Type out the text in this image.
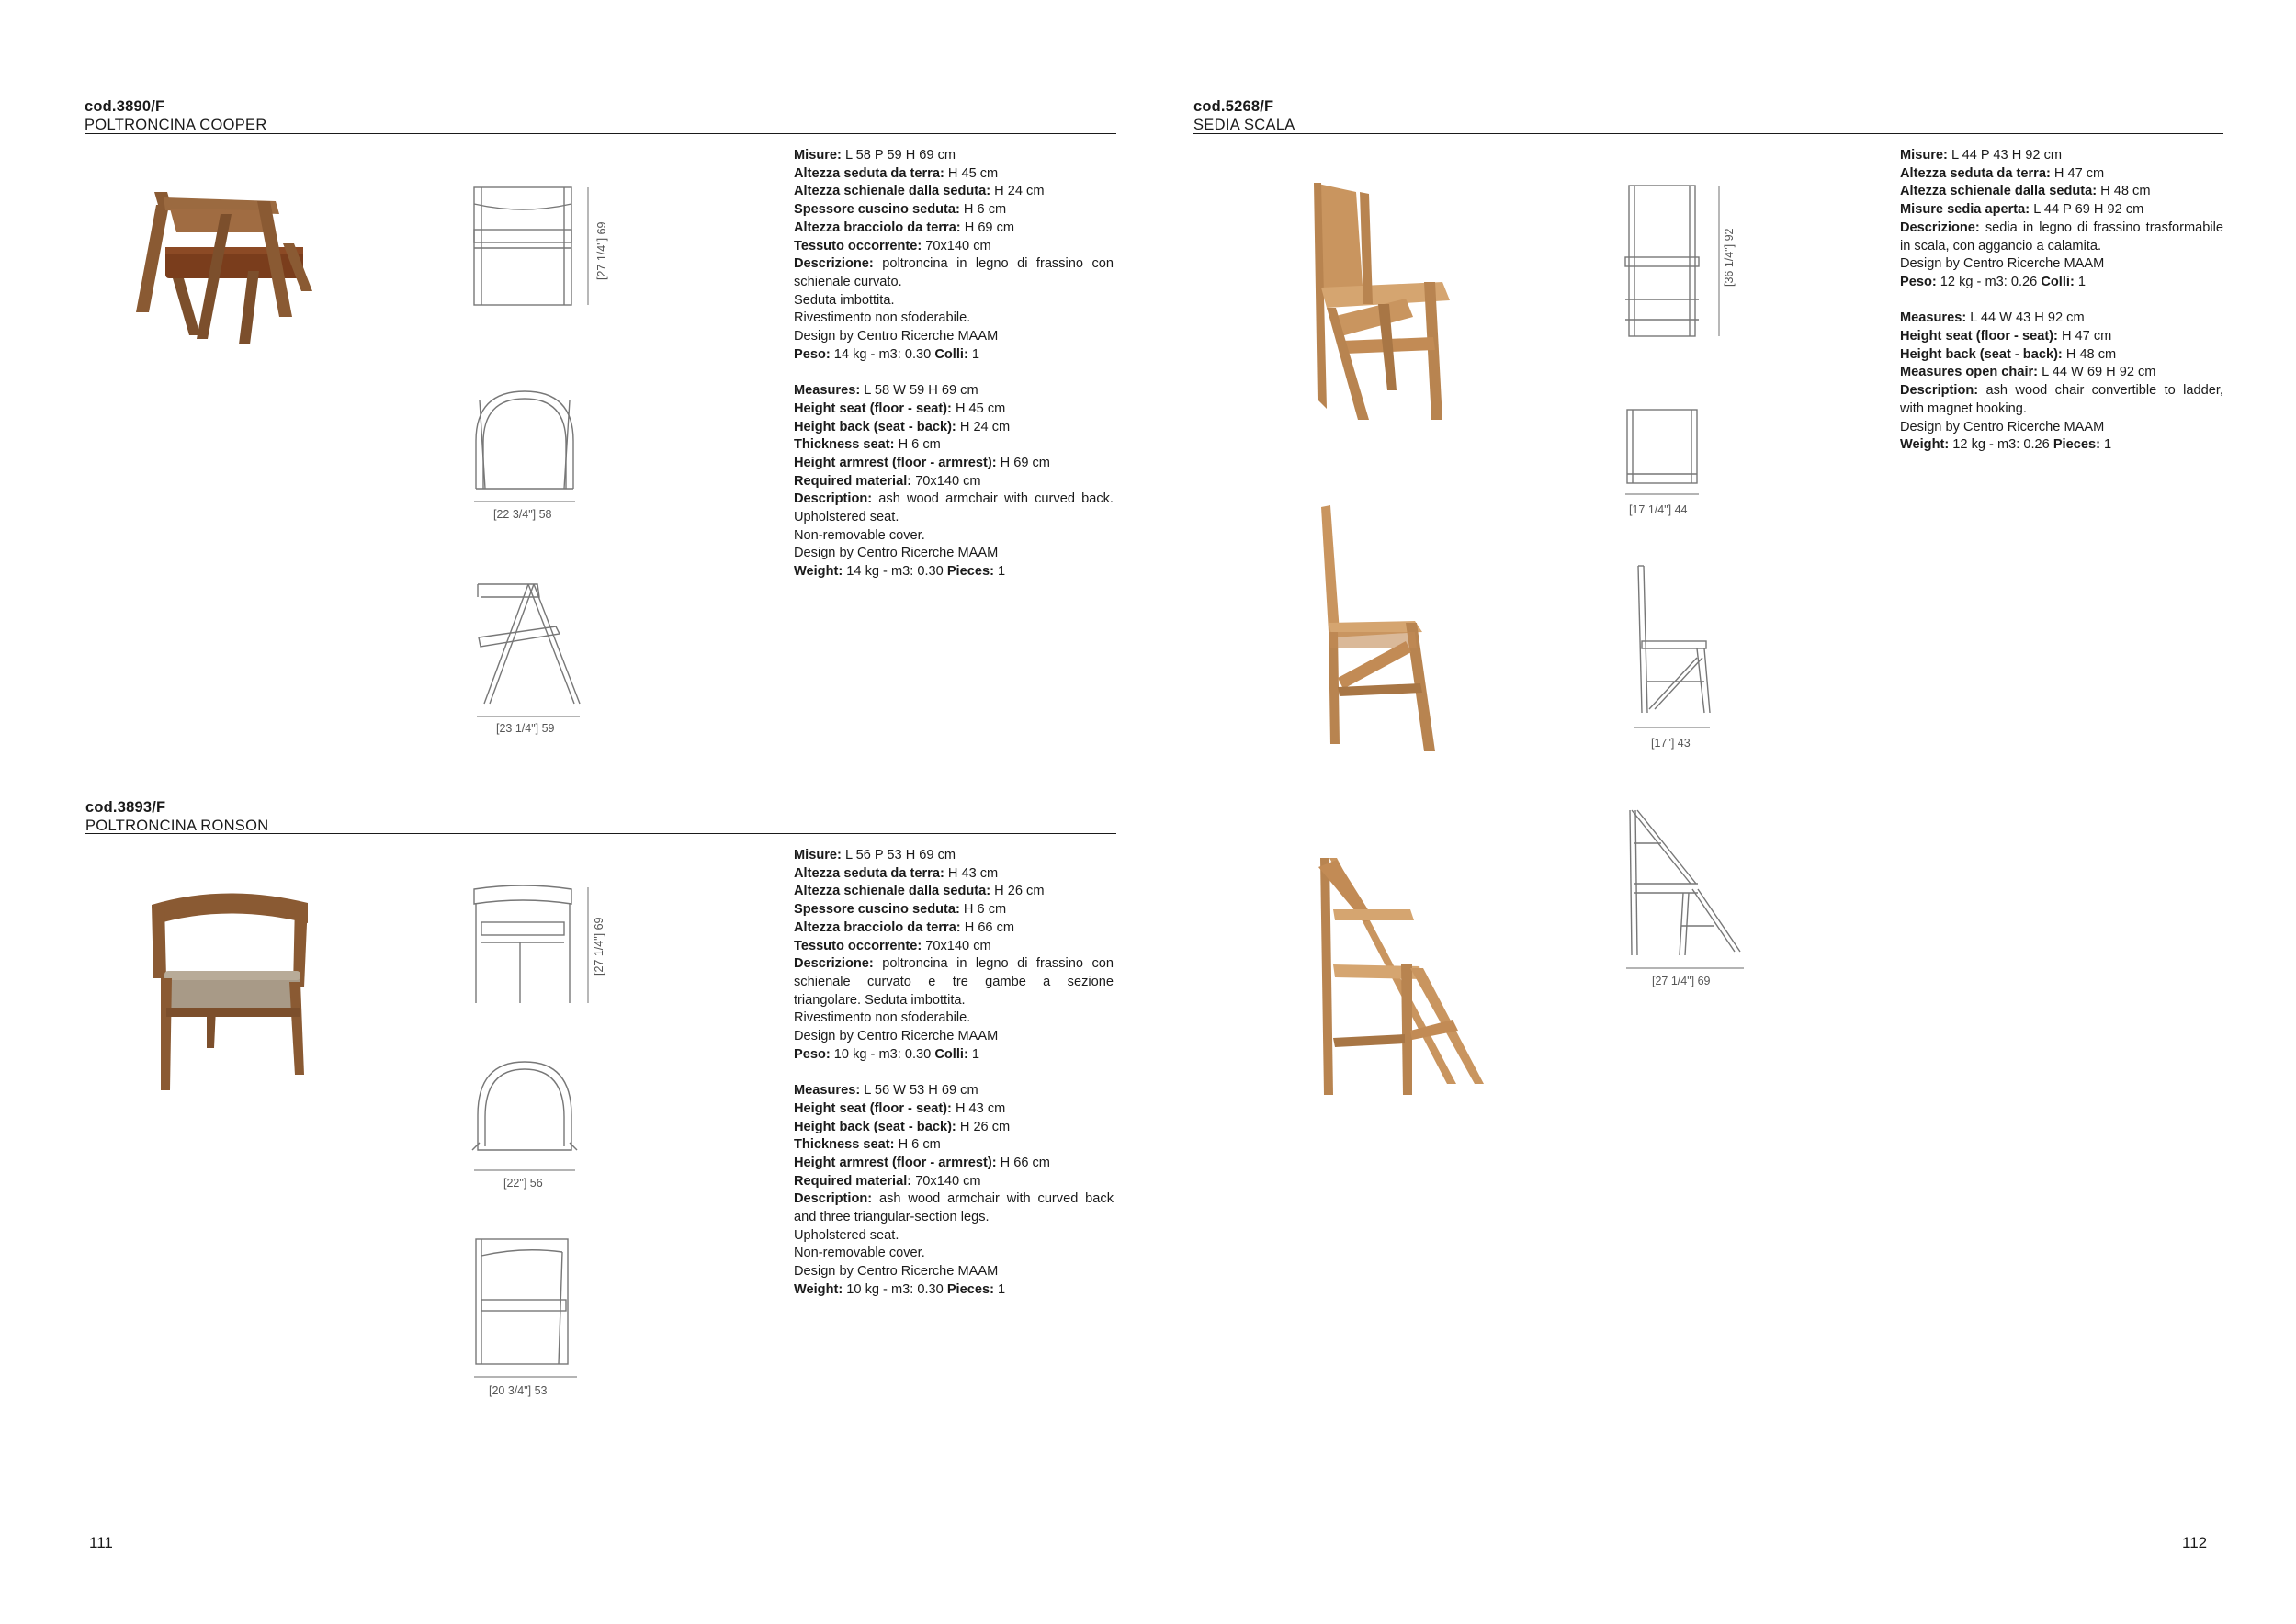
cod.3890/F
POLTRONCINA COOPER
[27 1/4"] 69
[22 3/4"] 58
[23 1/4"] 59
Misure: L 58 P 59 H 69 cm
Altezza seduta da terra: H 45 cm
Altezza schienale dalla seduta: H 24 cm
Spessore cuscino seduta: H 6 cm
Altezza bracciolo da terra: H 69 cm
Tessuto occorrente: 70x140 cm
Descrizione: poltroncina in legno di frassino con
schienale curvato.
Seduta imbottita.
Rivestimento non sfoderabile.
Design by Centro Ricerche MAAM
Peso: 14 kg - m3: 0.30 Colli: 1
Measures: L 58 W 59 H 69 cm
Height seat (floor - seat): H 45 cm
Height back (seat - back): H 24 cm
Thickness seat: H 6 cm
Height armrest (floor - armrest): H 69 cm
Required material: 70x140 cm
Description: ash wood armchair with curved back.
Upholstered seat.
Non-removable cover.
Design by Centro Ricerche MAAM
Weight: 14 kg - m3: 0.30 Pieces: 1
cod.3893/F
POLTRONCINA RONSON
[27 1/4"] 69
[22"] 56
[20 3/4"] 53
Misure: L 56 P 53 H 69 cm
Altezza seduta da terra: H 43 cm
Altezza schienale dalla seduta: H 26 cm
Spessore cuscino seduta: H 6 cm
Altezza bracciolo da terra: H 66 cm
Tessuto occorrente: 70x140 cm
Descrizione: poltroncina in legno di frassino con
schienale curvato e tre gambe a sezione
triangolare. Seduta imbottita.
Rivestimento non sfoderabile.
Design by Centro Ricerche MAAM
Peso: 10 kg - m3: 0.30 Colli: 1
Measures: L 56 W 53 H 69 cm
Height seat (floor - seat): H 43 cm
Height back (seat - back): H 26 cm
Thickness seat: H 6 cm
Height armrest (floor - armrest): H 66 cm
Required material: 70x140 cm
Description: ash wood armchair with curved back
and three triangular-section legs.
Upholstered seat.
Non-removable cover.
Design by Centro Ricerche MAAM
Weight: 10 kg - m3: 0.30 Pieces: 1
cod.5268/F
SEDIA SCALA
[36 1/4"] 92
[17 1/4"] 44
[17"] 43
[27 1/4"] 69
Misure: L 44 P 43 H 92 cm
Altezza seduta da terra: H 47 cm
Altezza schienale dalla seduta: H 48 cm
Misure sedia aperta: L 44 P 69 H 92 cm
Descrizione: sedia in legno di frassino trasformabile
in scala, con aggancio a calamita.
Design by Centro Ricerche MAAM
Peso: 12 kg - m3: 0.26 Colli: 1
Measures: L 44 W 43 H 92 cm
Height seat (floor - seat): H 47 cm
Height back (seat - back): H 48 cm
Measures open chair: L 44 W 69 H 92 cm
Description: ash wood chair convertible to ladder,
with magnet hooking.
Design by Centro Ricerche MAAM
Weight: 12 kg - m3: 0.26 Pieces: 1
111	112
